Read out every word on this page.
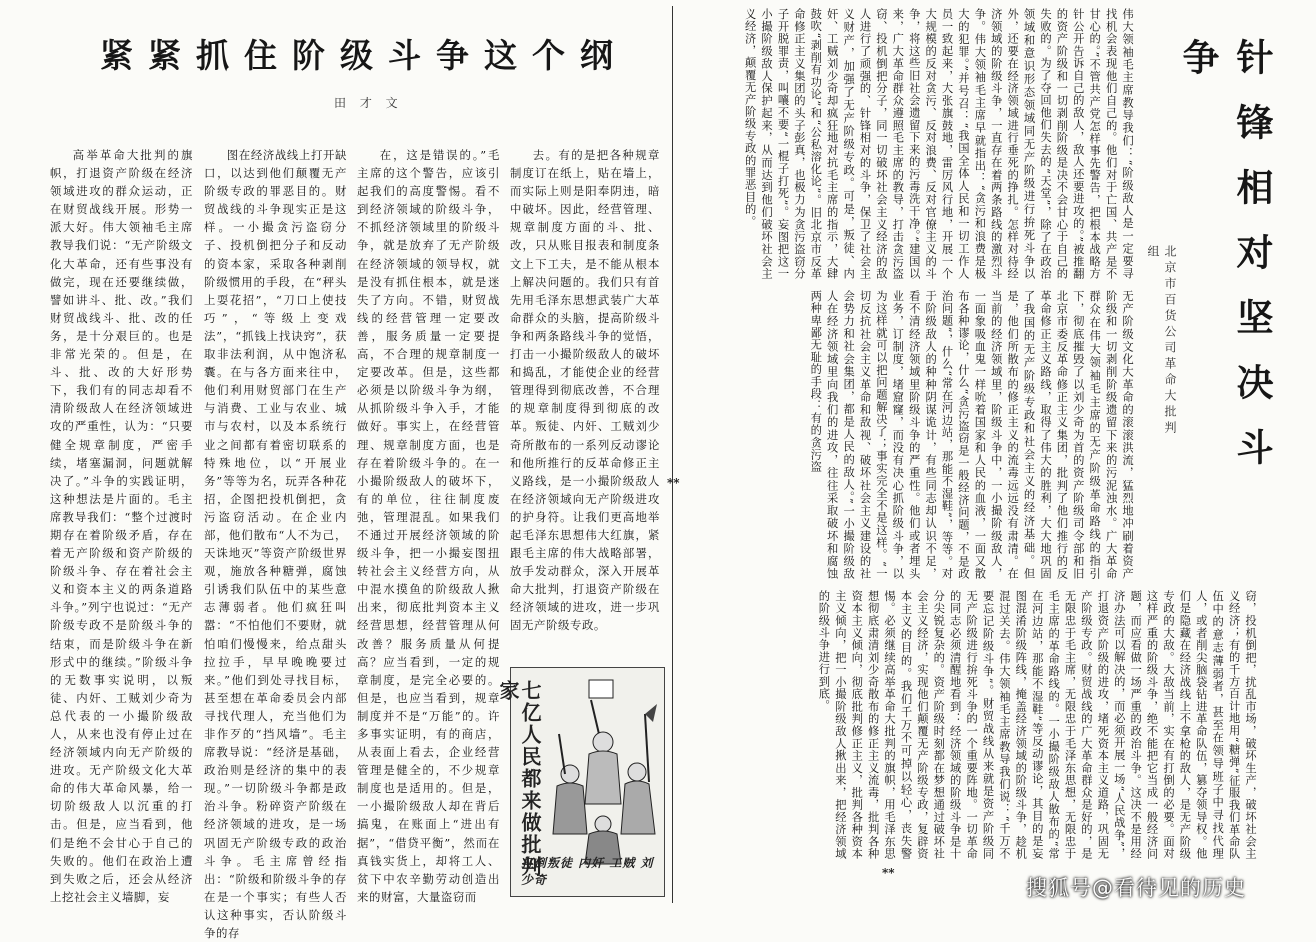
紧紧抓住阶级斗争这个纲
田 才 文
高举革命大批判的旗帜，打退资产阶级在经济领域进攻的群众运动，正在财贸战线开展。形势一派大好。伟大领袖毛主席教导我们说：“无产阶级文化大革命，还有些事没有做完，现在还要继续做，譬如讲斗、批、改。”我们财贸战线斗、批、改的任务，是十分艰巨的。也是非常光荣的。但是，在斗、批、改的大好形势下，我们有的同志却看不清阶级敌人在经济领域进攻的严重性，认为：“只要健全规章制度，严密手续，堵塞漏洞，问题就解决了。”斗争的实践证明，这种想法是片面的。毛主席教导我们：“整个过渡时期存在着阶级矛盾，存在着无产阶级和资产阶级的阶级斗争、存在着社会主义和资本主义的两条道路斗争。”列宁也说过：“无产阶级专政不是阶级斗争的结束，而是阶级斗争在新形式中的继续。”阶级斗争的无数事实说明，以叛徒、内奸、工贼刘少奇为总代表的一小撮阶级敌人，从来也没有停止过在经济领域内向无产阶级的进攻。无产阶级文化大革命的伟大革命风暴，给一切阶级敌人以沉重的打击。但是，应当看到，他们是绝不会甘心于自己的失败的。他们在政治上遭到失败之后，还会从经济上挖社会主义墙脚，妄
图在经济战线上打开缺口，以达到他们颠覆无产阶级专政的罪恶目的。财贸战线的斗争现实正是这样。一小撮贪污盗窃分子、投机倒把分子和反动的资本家，采取各种剥削阶级惯用的手段，在“秤头上耍花招”，“刀口上使技巧”，“等级上变戏法”，“抓钱上找诀窍”，获取非法利润，从中饱济私囊。在与各方面来往中，他们利用财贸部门在生产与消费、工业与农业、城市与农村，以及本系统行业之间都有着密切联系的特殊地位，以“开展业务”等等为名，玩弄各种花招，企图把投机倒把，贪污盗窃活动。在企业内部，他们散布“人不为己，天诛地灭”等资产阶级世界观，施放各种糖弹，腐蚀引诱我们队伍中的某些意志薄弱者。他们疯狂叫嚣：“不怕他们不要财，就怕咱们慢慢来，给点甜头拉拉手，早早晚晚要过来。”他们到处寻找目标，甚至想在革命委员会内部寻找代理人，充当他们为非作歹的“挡风墙”。毛主席教导说：“经济是基础，政治则是经济的集中的表现。”一切阶级斗争都是政治斗争。粉碎资产阶级在经济领域的进攻，是一场巩固无产阶级专政的政治斗争。毛主席曾经指出：“阶级和阶级斗争的存在是一个事实；有些人否认这种事实，否认阶级斗争的存
在，这是错误的。”毛主席的这个警告，应该引起我们的高度警惕。看不到经济领域的阶级斗争，不抓经济领域里的阶级斗争，就是放弃了无产阶级在经济领域的领导权，就是没有抓住根本，就是迷失了方向。不错，财贸战线的经营管理一定要改善，服务质量一定要提高，不合理的规章制度一定要改革。但是，这些都必须是以阶级斗争为纲，从抓阶级斗争入手，才能做好。事实上，在经营管理、规章制度方面，也是存在着阶级斗争的。在一小撮阶级敌人的破坏下，有的单位，往往制度废弛，管理混乱。如果我们不通过开展经济领域的阶级斗争，把一小撮妄图扭转社会主义经营方向，从中混水摸鱼的阶级敌人揪出来，彻底批判资本主义经营思想，经营管理从何改善？服务质量从何提高？应当看到，一定的规章制度，是完全必要的。但是，也应当看到，规章制度并不是“万能”的。许多事实证明，有的商店，从表面上看去，企业经营管理是健全的，不少规章制度也是适用的。但是，一小撮阶级敌人却在背后搞鬼，在账面上“进出有据”，“借贷平衡”，然而在真钱实货上，却将工人、贫下中农辛勤劳动创造出来的财富，大量盗窃而
去。有的是把各种规章制度订在纸上，贴在墙上，而实际上则是阳奉阴违，暗中破坏。因此，经营管理、规章制度方面的斗、批、改，只从账目报表和制度条文上下工夫，是不能从根本上解决问题的。我们只有首先用毛泽东思想武装广大革命群众的头脑，提高阶级斗争和两条路线斗争的觉悟，打击一小撮阶级敌人的破坏和捣乱，才能使企业的经营管理得到彻底改善，不合理的规章制度得到彻底的改革。叛徒、内奸、工贼刘少奇所散布的一系列反动谬论和他所推行的反革命修正主义路线，是一小撮阶级敌人在经济领域向无产阶级进攻的护身符。让我们更高地举起毛泽东思想伟大红旗，紧跟毛主席的伟大战略部署，放手发动群众，深入开展革命大批判，打退资产阶级在经济领域的进攻，进一步巩固无产阶级专政。
七亿人民都来做批判家
打倒叛徒 内奸 工贼 刘少奇
针锋相对坚决斗争
北京市百货公司革命大批判组
伟大领袖毛主席教导我们：“阶级敌人是一定要寻找机会表现他们自己的。他们对于亡国、共产是不甘心的。”不管共产党怎样事先警告，把根本战略方针公开告诉自己的敌人，敌人还要进攻的。”被推翻的资产阶级和一切剥削阶级是决不会甘心于自己的失败的。为了夺回他们失去的“天堂”，除了在政治领域和意识形态领域同无产阶级进行拚死斗争以外，还要在经济领域进行垂死的挣扎。怎样对待经济领域的阶级斗争，一直存在着两条路线的激烈斗争。伟大领袖毛主席早就指出：“贪污和浪费是极大的犯罪。”并号召：“我国全体人民和一切工作人员一致起来，大张旗鼓地，雷厉风行地，开展一个大规模的反对贪污、反对浪费、反对官僚主义的斗争，将这些旧社会遗留下来的污毒洗干净。”建国以来，广大革命群众遵照毛主席的教导，打击贪污盗窃、投机倒把分子，同一切破坏社会主义经济的敌人进行了顽强的、针锋相对的斗争，保卫了社会主义财产，加强了无产阶级专政。可是，叛徒、内奸、工贼刘少奇却疯狂地对抗毛主席的指示，大肆鼓吹“剥削有功论”和“公私溶化论”。旧北京市反革命修正主义集团的头子彭真，也极力为贪污盗窃分子开脱罪责，叫嚷不要“一棍子打死”。妄图把这一小撮阶级敌人保护起来，从而达到他们破坏社会主义经济，颠覆无产阶级专政的罪恶目的。
无产阶级文化大革命的滚滚洪流，猛烈地冲刷着资产阶级和一切剥削阶级遗留下来的污泥浊水。广大革命群众在伟大领袖毛主席的无产阶级革命路线的指引下，彻底摧毁了以刘少奇为首的资产阶级司令部和旧北京市委反革命修正主义集团，批判了他们推行的反革命修正主义路线，取得了伟大的胜利，大大地巩固了我国的无产阶级专政和社会主义的经济基础。但是，他们所散布的修正主义的流毒远远没有肃清。在当前的经济领域里，阶级斗争中，一小撮阶级敌人，一面象吸血鬼一样吮着国家和人民的血液，一面又散布各种谬论，什么“贪污盗窃是一般经济问题，不是政治问题”，什么“常在河边站，那能不湿鞋”，等等。对于阶级敌人的种种阴谋诡计，有些同志却认识不足，看不清经济领域里阶级斗争的严重性。他们或者埋头业务，订制度，堵窟窿，而没有决心抓阶级斗争，以为这样就可以把问题解决了；事实完全不是这样。“一切反抗社会主义革命和敌视、破坏社会主义建设的社会势力和社会集团，都是人民的敌人。”一小撮阶级敌人在经济领域里向我们的进攻，往往采取破坏和腐蚀两种卑鄙无耻的手段：有的贪污盗
窃，投机倒把，扰乱市场，破坏生产，破坏社会主义经济；有的千方百计地用“糖弹”征服我们革命队伍中的意志薄弱者，甚至在领导班子中寻找代理人，或者削尖脑袋钻进革命队伍，篡夺领导权。他们是隐藏在经济战线上不拿枪的敌人，是无产阶级专政的大敌。大敌当前，实在有打倒的必要。面对这样严重的阶级斗争，绝不能把它当成一般经济问题，而应看做一场严重的政治斗争。这决不是用经济办法可以解决的，而必须开展一场“人民战争”，打退资产阶级的进攻，堵死资本主义道路，巩固无产阶级专政。财贸战线的广大革命群众是好的，是无限忠于毛主席，无限忠于毛泽东思想，无限忠于毛主席的革命路线的。一小撮阶级敌人散布的“常在河边站，那能不湿鞋”等反动谬论，其目的是妄图混淆阶级阵线，掩盖经济领域的阶级斗争，趁机混过关去。伟大领袖毛主席教导我们说：“千万不要忘记阶级斗争”。财贸战线从来就是资产阶级同无产阶级进行拚死斗争的一个重要阵地。一切革命的同志必须清醒地看到：经济领域的阶级斗争是十分尖锐复杂的。资产阶级时刻都在梦想通过破坏社会主义经济，实现他们颠覆无产阶级专政，复辟资本主义的目的。我们千万不可掉以轻心，丧失警惕。必须继续高举革命大批判的旗帜，用毛泽东思想彻底肃清刘少奇散布的修正主义流毒，批判各种资本主义倾向，彻底批判修正主义，批判各种资本主义倾向，把一小撮阶级敌人揪出来，把经济领域的阶级斗争进行到底。
**
**
搜狐号@看待见的历史
